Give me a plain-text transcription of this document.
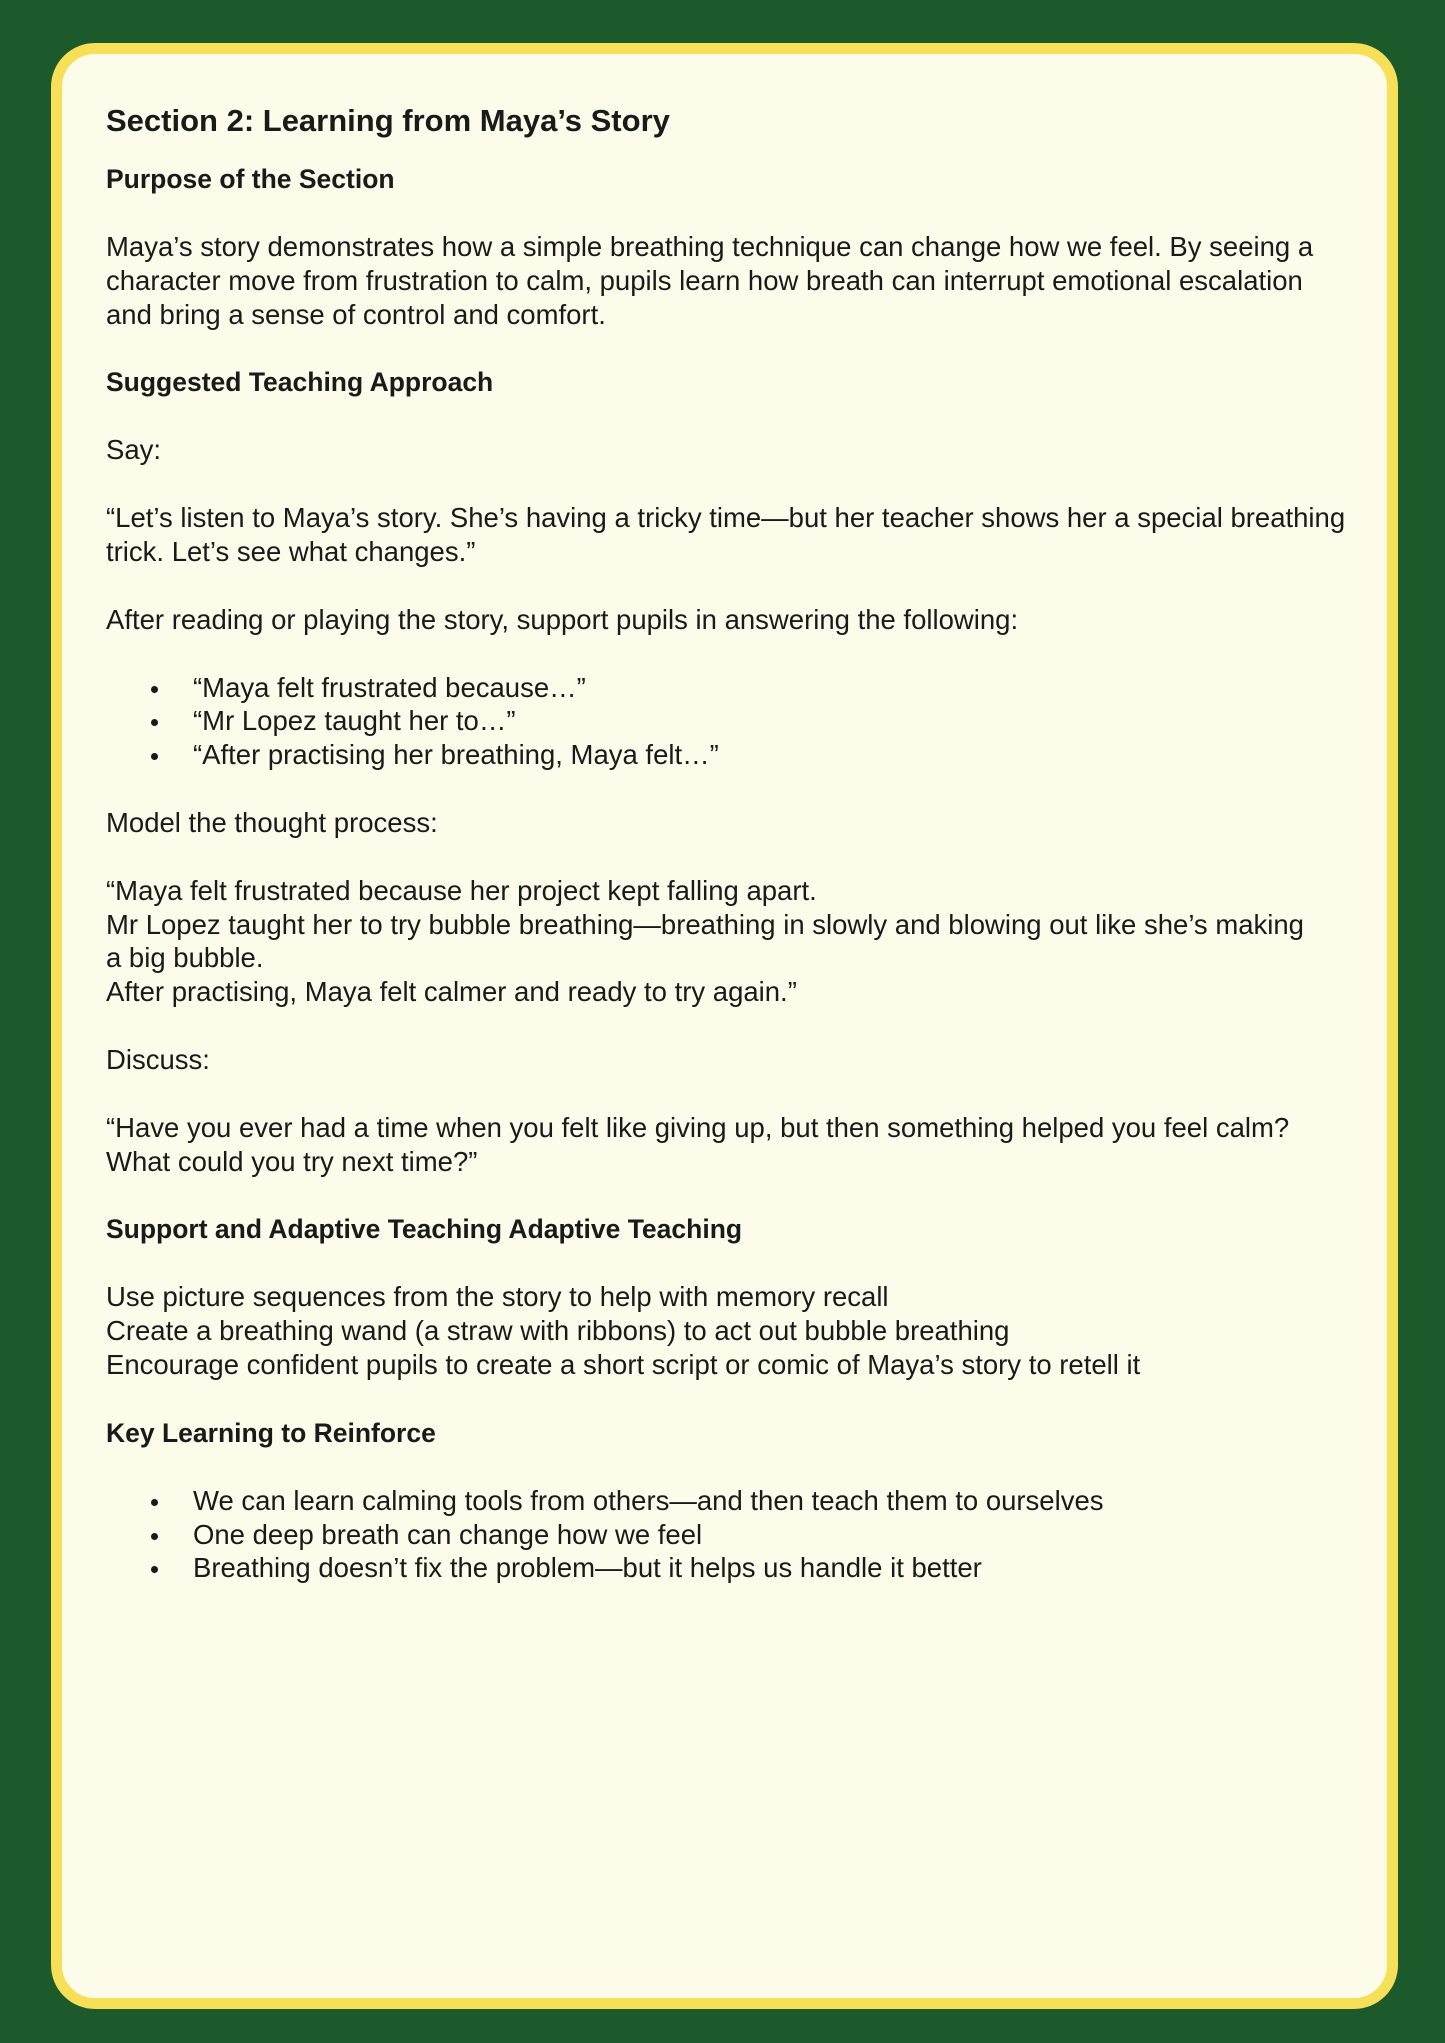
Section 2: Learning from Maya’s Story
Purpose of the Section

Maya’s story demonstrates how a simple breathing technique can change how we feel. By seeing a character move from frustration to calm, pupils learn how breath can interrupt emotional escalation and bring a sense of control and comfort.

Suggested Teaching Approach

Say:

“Let’s listen to Maya’s story. She’s having a tricky time—but her teacher shows her a special breathing trick. Let’s see what changes.”

After reading or playing the story, support pupils in answering the following:

“Maya felt frustrated because…”
“Mr Lopez taught her to…”
“After practising her breathing, Maya felt…”

Model the thought process:

“Maya felt frustrated because her project kept falling apart.

Mr Lopez taught her to try bubble breathing—breathing in slowly and blowing out like she’s making a big bubble.

After practising, Maya felt calmer and ready to try again.”

Discuss:

“Have you ever had a time when you felt like giving up, but then something helped you feel calm? What could you try next time?”

Support and Adaptive Teaching Adaptive Teaching

Use picture sequences from the story to help with memory recall

Create a breathing wand (a straw with ribbons) to act out bubble breathing

Encourage confident pupils to create a short script or comic of Maya’s story to retell it

Key Learning to Reinforce
We can learn calming tools from others—and then teach them to ourselves
One deep breath can change how we feel
Breathing doesn’t fix the problem—but it helps us handle it better
